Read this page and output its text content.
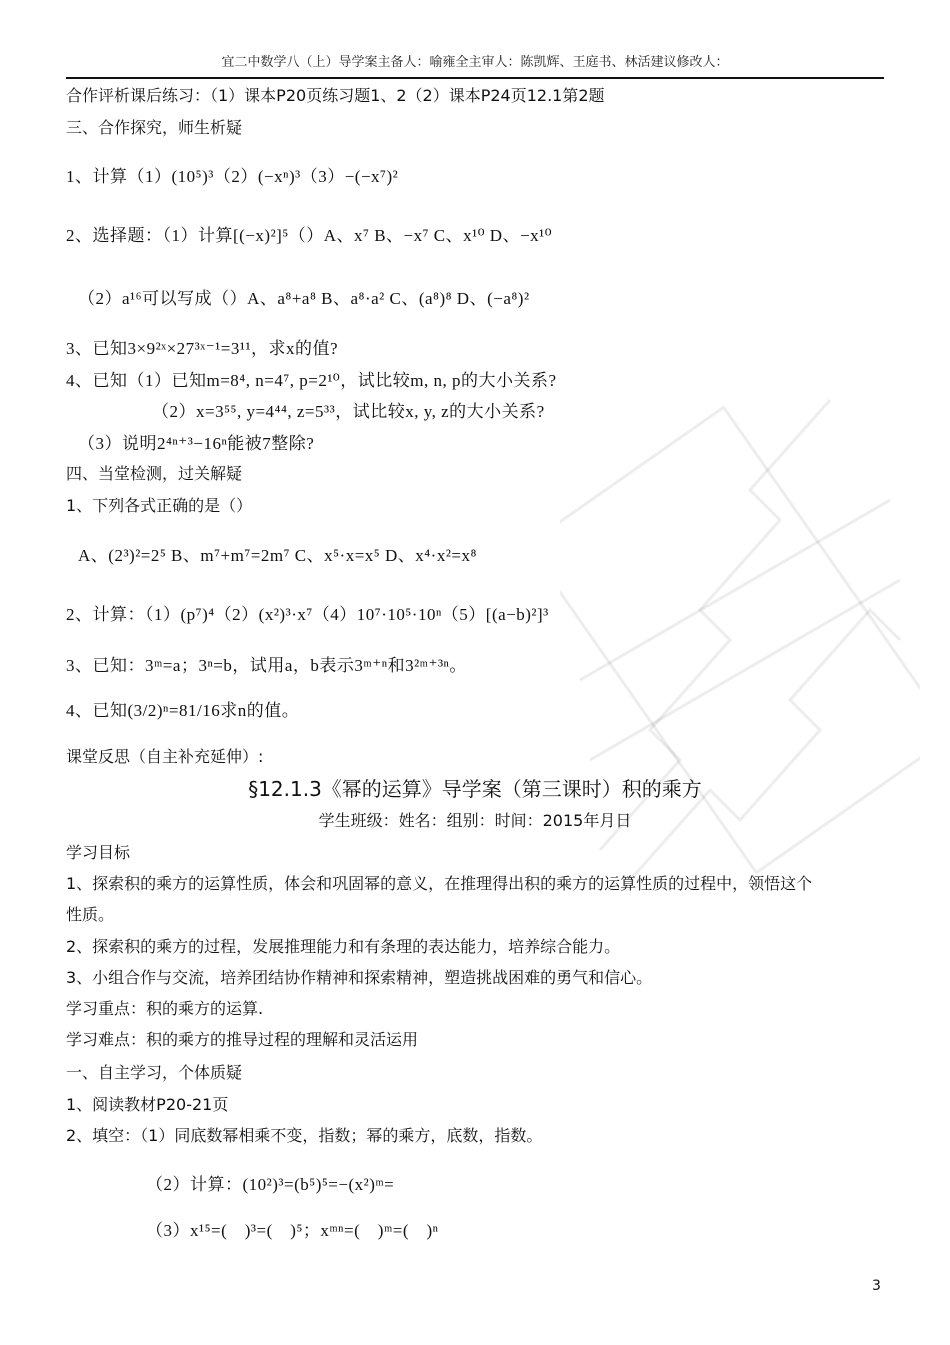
宜二中数学八（上）导学案主备人：喻雍全主审人：陈凯辉、王庭书、林活建议修改人：
合作评析课后练习：（1）课本P20页练习题1、2（2）课本P24页12.1第2题
三、合作探究，师生析疑
1、计算（1）(10⁵)³（2）(−xⁿ)³（3）−(−x⁷)²
2、选择题：（1）计算[(−x)²]⁵（）A、x⁷ B、−x⁷ C、x¹⁰ D、−x¹⁰
（2）a¹⁶可以写成（）A、a⁸+a⁸ B、a⁸·a² C、(a⁸)⁸ D、(−a⁸)²
3、已知3×9²ˣ×27³ˣ⁻¹=3¹¹，求x的值?
4、已知（1）已知m=8⁴, n=4⁷, p=2¹⁰，试比较m, n, p的大小关系?
（2）x=3⁵⁵, y=4⁴⁴, z=5³³，试比较x, y, z的大小关系?
（3）说明2⁴ⁿ⁺³−16ⁿ能被7整除?
四、当堂检测，过关解疑
1、下列各式正确的是（）
A、(2³)²=2⁵ B、m⁷+m⁷=2m⁷ C、x⁵·x=x⁵ D、x⁴·x²=x⁸
2、计算：（1）(p⁷)⁴（2）(x²)³·x⁷（4）10⁷·10⁵·10ⁿ（5）[(a−b)²]³
3、已知：3ᵐ=a；3ⁿ=b，试用a，b表示3ᵐ⁺ⁿ和3²ᵐ⁺³ⁿ。
4、已知(3/2)ⁿ=81/16求n的值。
课堂反思（自主补充延伸）:
§12.1.3《幂的运算》导学案（第三课时）积的乘方
学生班级：姓名：组别：时间：2015年月日
学习目标
1、探索积的乘方的运算性质，体会和巩固幂的意义，在推理得出积的乘方的运算性质的过程中，领悟这个
性质。
2、探索积的乘方的过程，发展推理能力和有条理的表达能力，培养综合能力。
3、小组合作与交流，培养团结协作精神和探索精神，塑造挑战困难的勇气和信心。
学习重点：积的乘方的运算.
学习难点：积的乘方的推导过程的理解和灵活运用
一、自主学习，个体质疑
1、阅读教材P20-21页
2、填空：（1）同底数幂相乘不变，指数；幂的乘方，底数，指数。
（2）计算：(10²)³=(b⁵)⁵=−(x²)ᵐ=
（3）x¹⁵=(　)³=(　)⁵；xᵐⁿ=(　)ᵐ=(　)ⁿ
3
